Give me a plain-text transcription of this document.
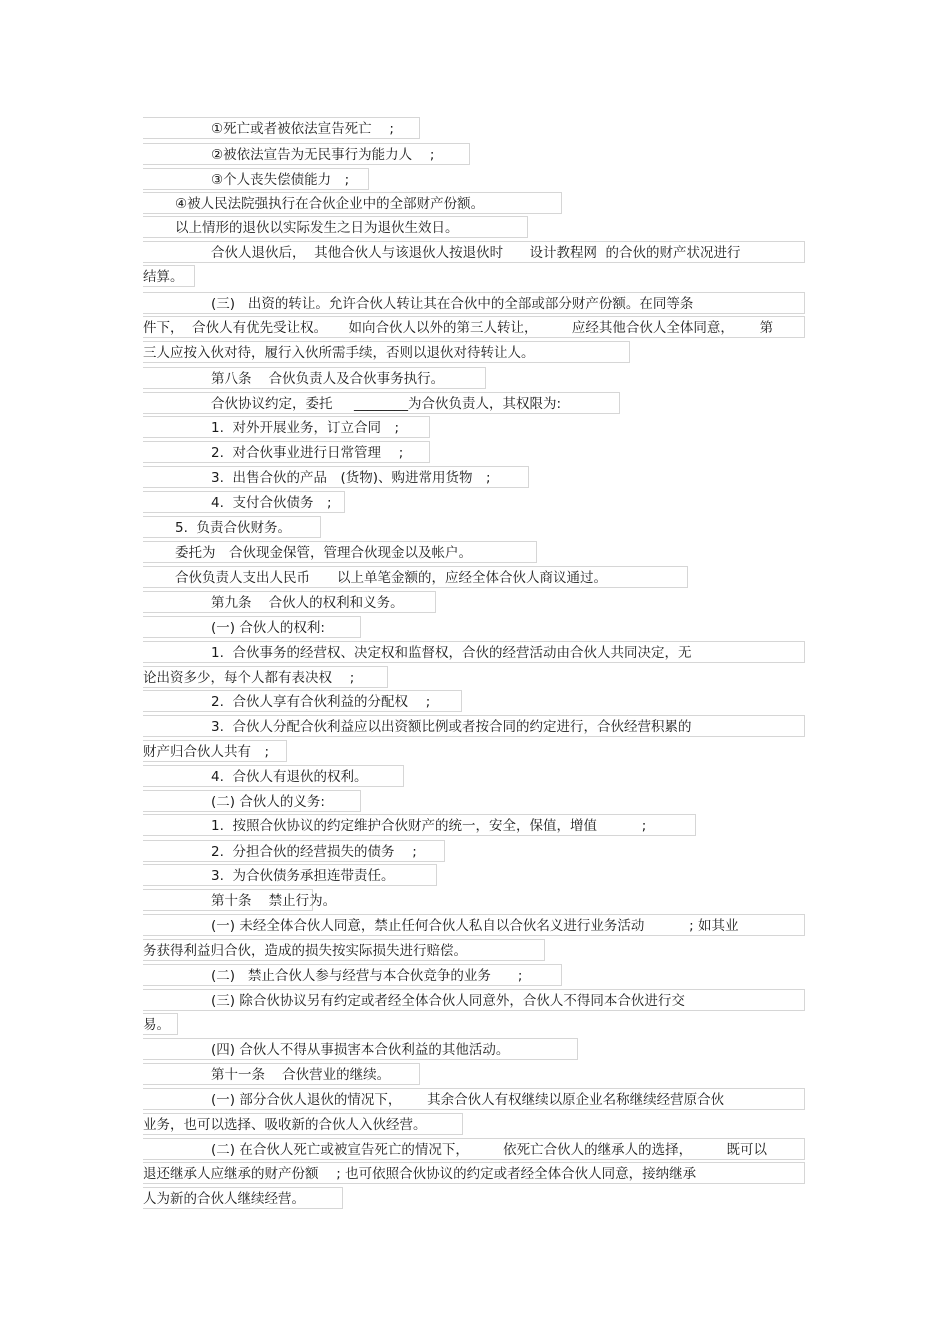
①死亡或者被依法宣告死亡　 ;
②被依法宣告为无民事行为能力人　 ;
③个人丧失偿债能力　;
④被人民法院强执行在合伙企业中的全部财产份额。
以上情形的退伙以实际发生之日为退伙生效日。
合伙人退伙后，  其他合伙人与该退伙人按退伙时　   设计教程网  的合伙的财产状况进行
结算。
(三)   出资的转让。允许合伙人转让其在合伙中的全部或部分财产份额。在同等条
件下，  合伙人有优先受让权。     如向合伙人以外的第三人转让，        应经其他合伙人全体同意，      第
三人应按入伙对待，履行入伙所需手续，否则以退伙对待转让人。
第八条    合伙负责人及合伙事务执行。
合伙协议约定，委托     ________为合伙负责人，其权限为:
1.  对外开展业务，订立合同　;
2.  对合伙事业进行日常管理　 ;
3.  出售合伙的产品　(货物)、购进常用货物　;
4.  支付合伙债务　;
5.  负责合伙财务。
委托为　合伙现金保管，管理合伙现金以及帐户。
合伙负责人支出人民币　　以上单笔金额的，应经全体合伙人商议通过。
第九条    合伙人的权利和义务。
(一) 合伙人的权利:
1.  合伙事务的经营权、决定权和监督权，合伙的经营活动由合伙人共同决定，无
论出资多少，每个人都有表决权　 ;
2.  合伙人享有合伙利益的分配权　 ;
3.  合伙人分配合伙利益应以出资额比例或者按合同的约定进行，合伙经营积累的
财产归合伙人共有　;
4.  合伙人有退伙的权利。
(二) 合伙人的义务:
1.  按照合伙协议的约定维护合伙财产的统一，安全，保值，增值　　　 ;
2.  分担合伙的经营损失的债务　 ;
3.  为合伙债务承担连带责任。
第十条    禁止行为。
(一) 未经全体合伙人同意，禁止任何合伙人私自以合伙名义进行业务活动　　　 ; 如其业
务获得利益归合伙，造成的损失按实际损失进行赔偿。
(二)   禁止合伙人参与经营与本合伙竞争的业务　　;
(三) 除合伙协议另有约定或者经全体合伙人同意外，合伙人不得同本合伙进行交
易。
(四) 合伙人不得从事损害本合伙利益的其他活动。
第十一条    合伙营业的继续。
(一) 部分合伙人退伙的情况下，      其余合伙人有权继续以原企业名称继续经营原合伙
业务，也可以选择、吸收新的合伙人入伙经营。
(二) 在合伙人死亡或被宣告死亡的情况下，        依死亡合伙人的继承人的选择，        既可以
退还继承人应继承的财产份额　 ; 也可依照合伙协议的约定或者经全体合伙人同意，接纳继承
人为新的合伙人继续经营。
